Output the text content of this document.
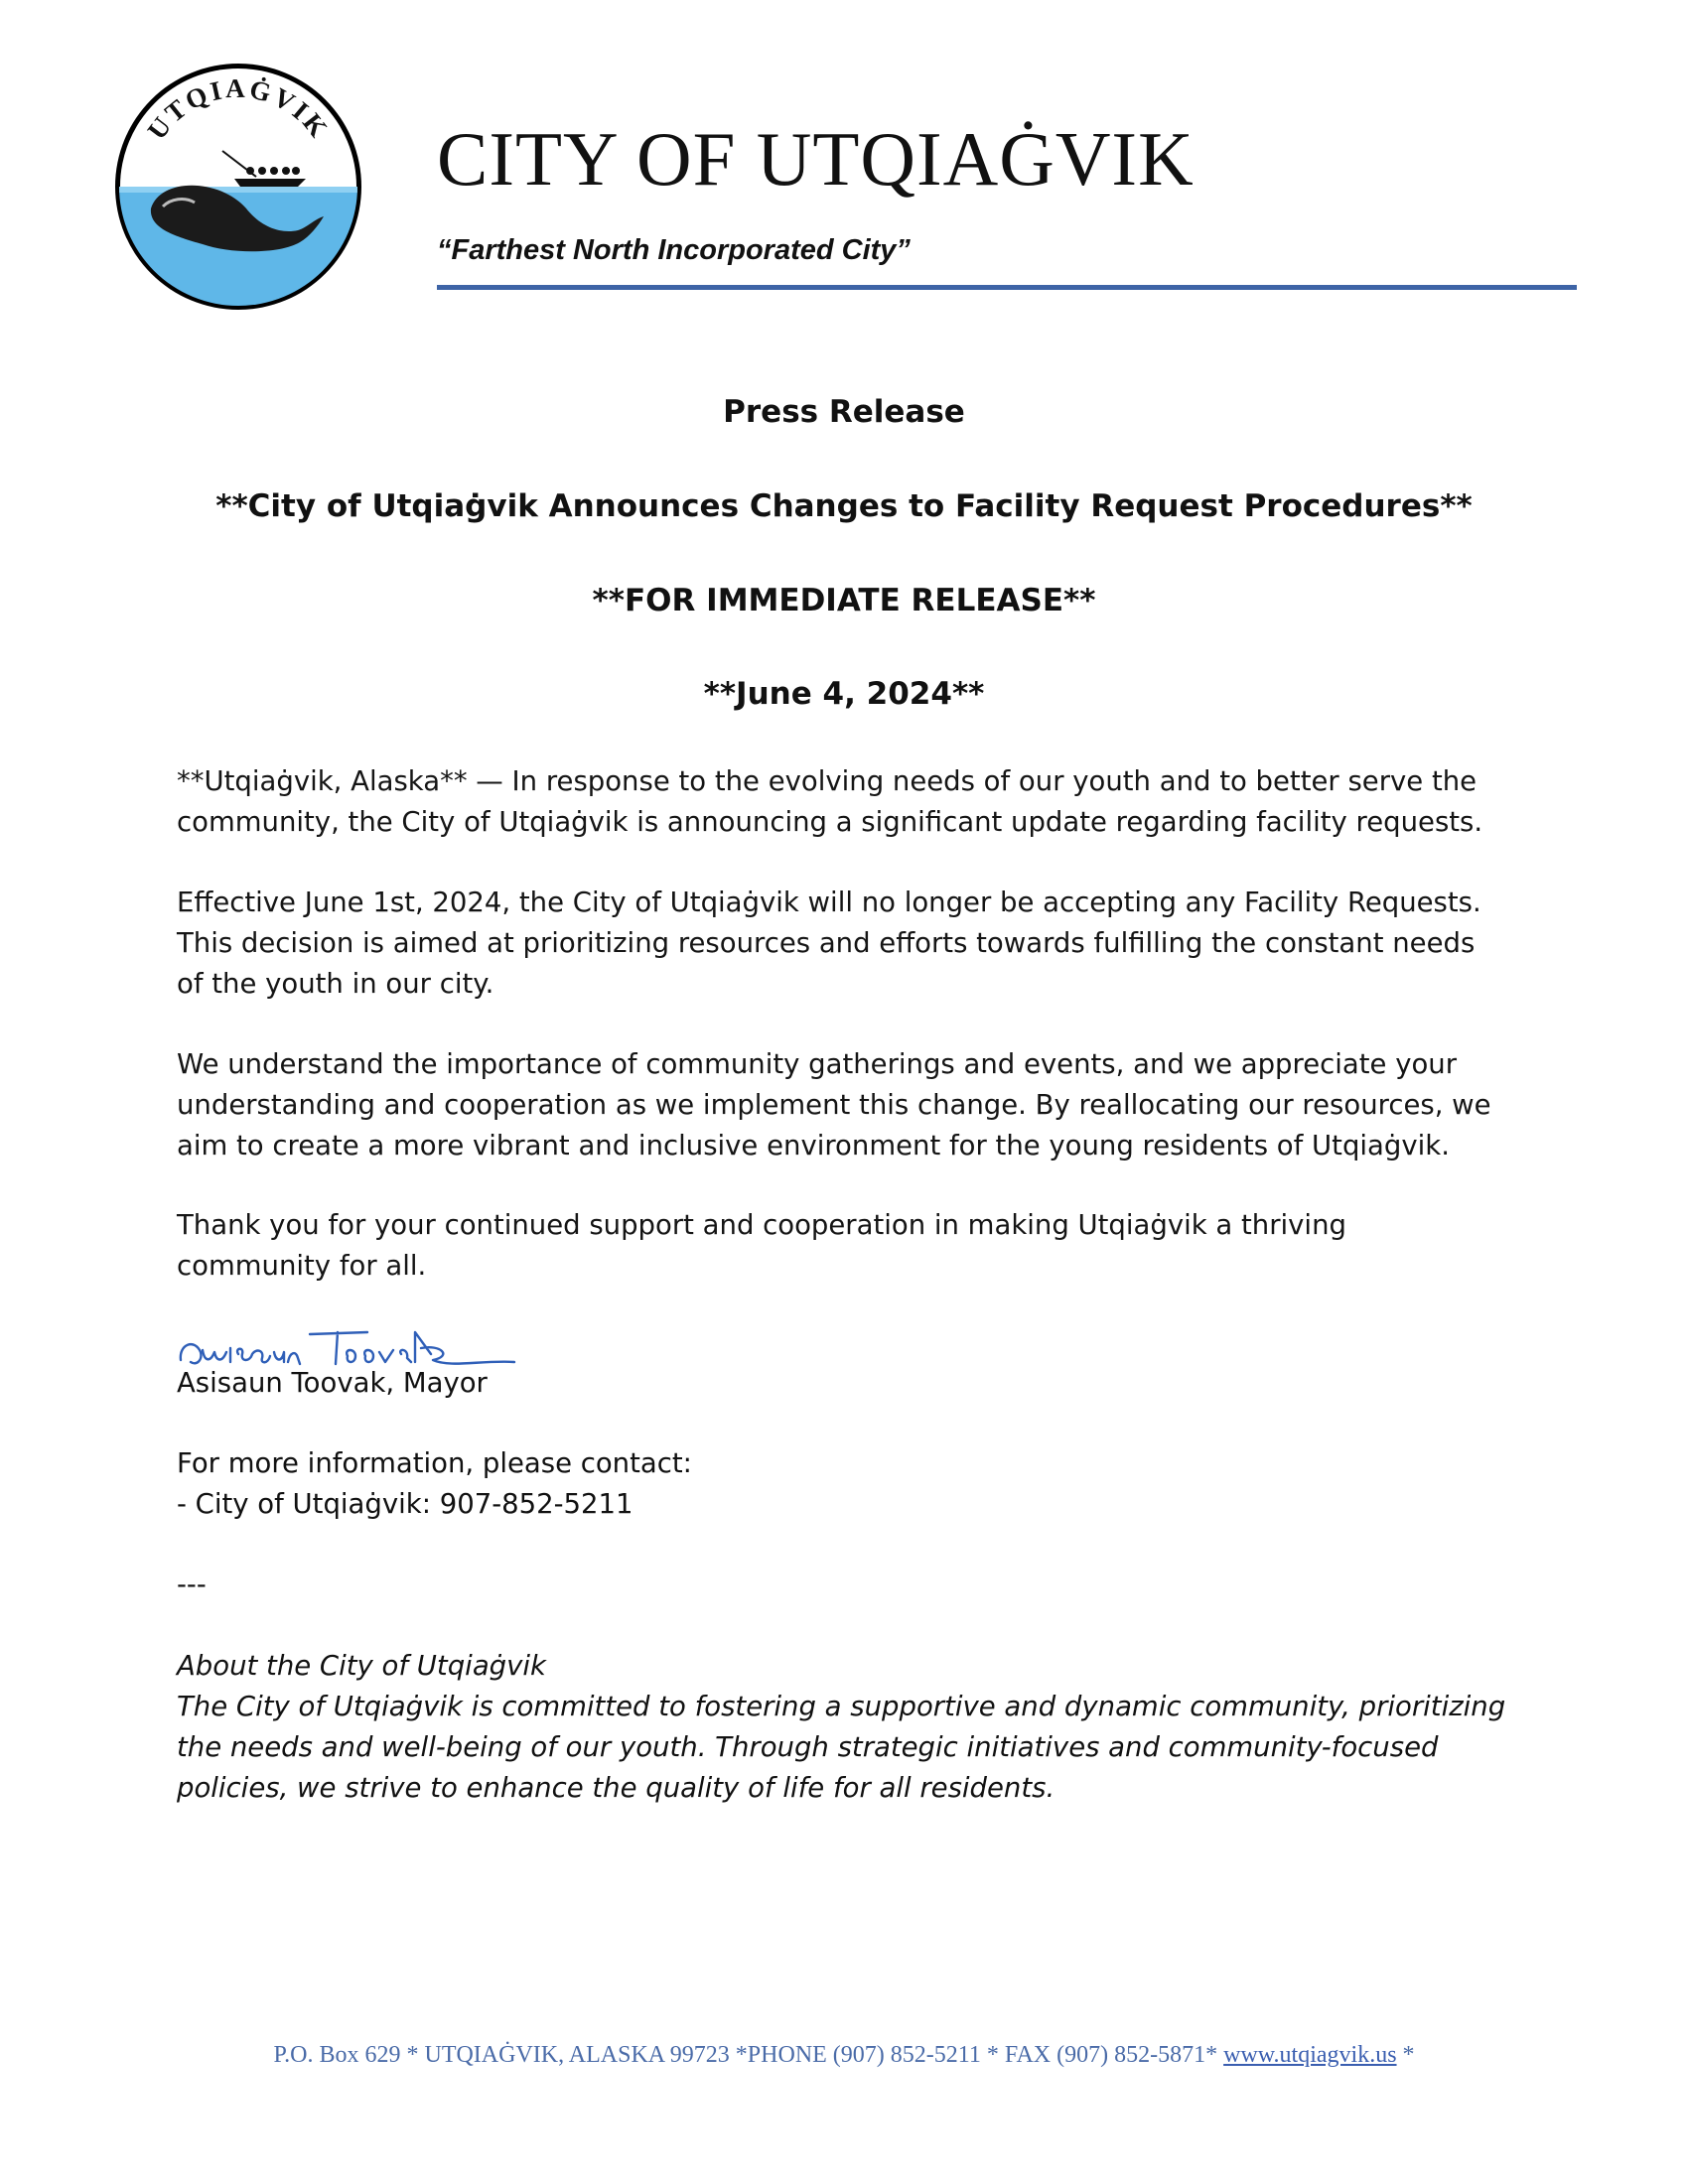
UTQIAĠVIK CITY OF UTQIAĠVIK
“Farthest North Incorporated City”
Press Release
**City of Utqiaġvik Announces Changes to Facility Request Procedures**
**FOR IMMEDIATE RELEASE**
**June 4, 2024**

**Utqiaġvik, Alaska** — In response to the evolving needs of our youth and to better serve the community, the City of Utqiaġvik is announcing a significant update regarding facility requests.

Effective June 1st, 2024, the City of Utqiaġvik will no longer be accepting any Facility Requests. This decision is aimed at prioritizing resources and efforts towards fulfilling the constant needs of the youth in our city.

We understand the importance of community gatherings and events, and we appreciate your understanding and cooperation as we implement this change. By reallocating our resources, we aim to create a more vibrant and inclusive environment for the young residents of Utqiaġvik.

Thank you for your continued support and cooperation in making Utqiaġvik a thriving community for all.

Asisaun Toovak, Mayor
For more information, please contact:
- City of Utqiaġvik: 907-852-5211
---
About the City of Utqiaġvik
The City of Utqiaġvik is committed to fostering a supportive and dynamic community, prioritizing the needs and well-being of our youth. Through strategic initiatives and community-focused policies, we strive to enhance the quality of life for all residents.
P.O. Box 629 * UTQIAĠVIK, ALASKA 99723 *PHONE (907) 852-5211 * FAX (907) 852-5871* www.utqiagvik.us *
